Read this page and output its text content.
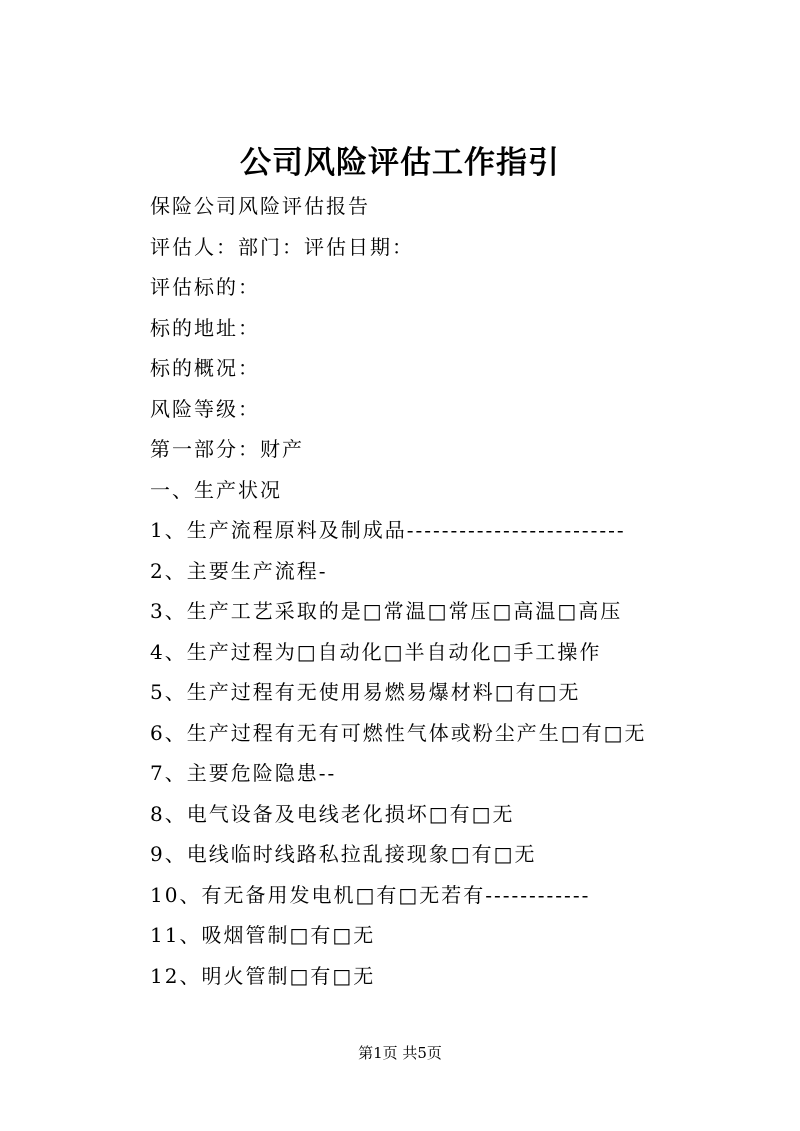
公司风险评估工作指引
保险公司风险评估报告
评估人：部门：评估日期：
评估标的：
标的地址：
标的概况：
风险等级：
第一部分：财产
一、生产状况
1、生产流程原料及制成品-------------------------
2、主要生产流程-
3、生产工艺采取的是□常温□常压□高温□高压
4、生产过程为□自动化□半自动化□手工操作
5、生产过程有无使用易燃易爆材料□有□无
6、生产过程有无有可燃性气体或粉尘产生□有□无
7、主要危险隐患--
8、电气设备及电线老化损坏□有□无
9、电线临时线路私拉乱接现象□有□无
10、有无备用发电机□有□无若有------------
11、吸烟管制□有□无
12、明火管制□有□无
第1页 共5页
